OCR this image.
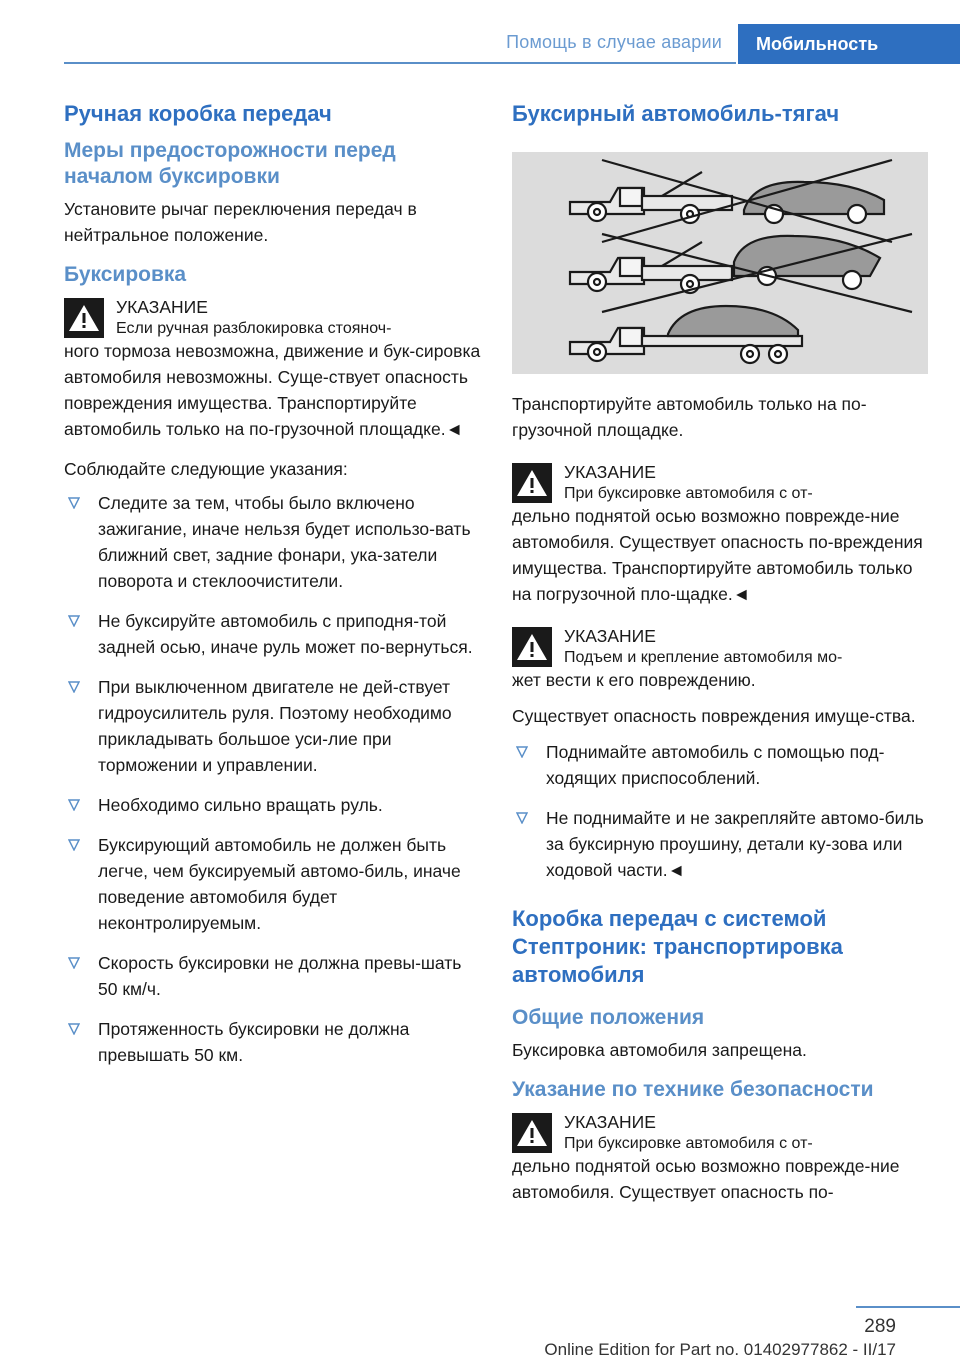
Помощь в случае аварии	Мобильность
Ручная коробка передач
Меры предосторожности перед началом буксировки

Установите рычаг переключения передач в нейтральное положение.

Буксировка
УКАЗАНИЕ
Если ручная разблокировка стояноч-

ного тормоза невозможна, движение и бук-сировка автомобиля невозможны. Суще-ствует опасность повреждения имущества. Транспортируйте автомобиль только на по-грузочной площадке.◄

Соблюдайте следующие указания:

Следите за тем, чтобы было включено зажигание, иначе нельзя будет использо-вать ближний свет, задние фонари, ука-затели поворота и стеклоочистители.
Не буксируйте автомобиль с приподня-той задней осью, иначе руль может по-вернуться.
При выключенном двигателе не дей-ствует гидроусилитель руля. Поэтому необходимо прикладывать большое уси-лие при торможении и управлении.
Необходимо сильно вращать руль.
Буксирующий автомобиль не должен быть легче, чем буксируемый автомо-биль, иначе поведение автомобиля будет неконтролируемым.
Скорость буксировки не должна превы-шать 50 км/ч.
Протяженность буксировки не должна превышать 50 км.
Буксирный автомобиль-тягач

Транспортируйте автомобиль только на по-грузочной площадке.

УКАЗАНИЕ
При буксировке автомобиля с от-

дельно поднятой осью возможно поврежде-ние автомобиля. Существует опасность по-вреждения имущества. Транспортируйте автомобиль только на погрузочной пло-щадке.◄

УКАЗАНИЕ
Подъем и крепление автомобиля мо-

жет вести к его повреждению.

Существует опасность повреждения имуще-ства.

Поднимайте автомобиль с помощью под-ходящих приспособлений.
Не поднимайте и не закрепляйте автомо-биль за буксирную проушину, детали ку-зова или ходовой части.◄
Коробка передач с системой Стептроник: транспортировка автомобиля
Общие положения

Буксировка автомобиля запрещена.

Указание по технике безопасности
УКАЗАНИЕ
При буксировке автомобиля с от-

дельно поднятой осью возможно поврежде-ние автомобиля. Существует опасность по-

289
Online Edition for Part no. 01402977862 - II/17
